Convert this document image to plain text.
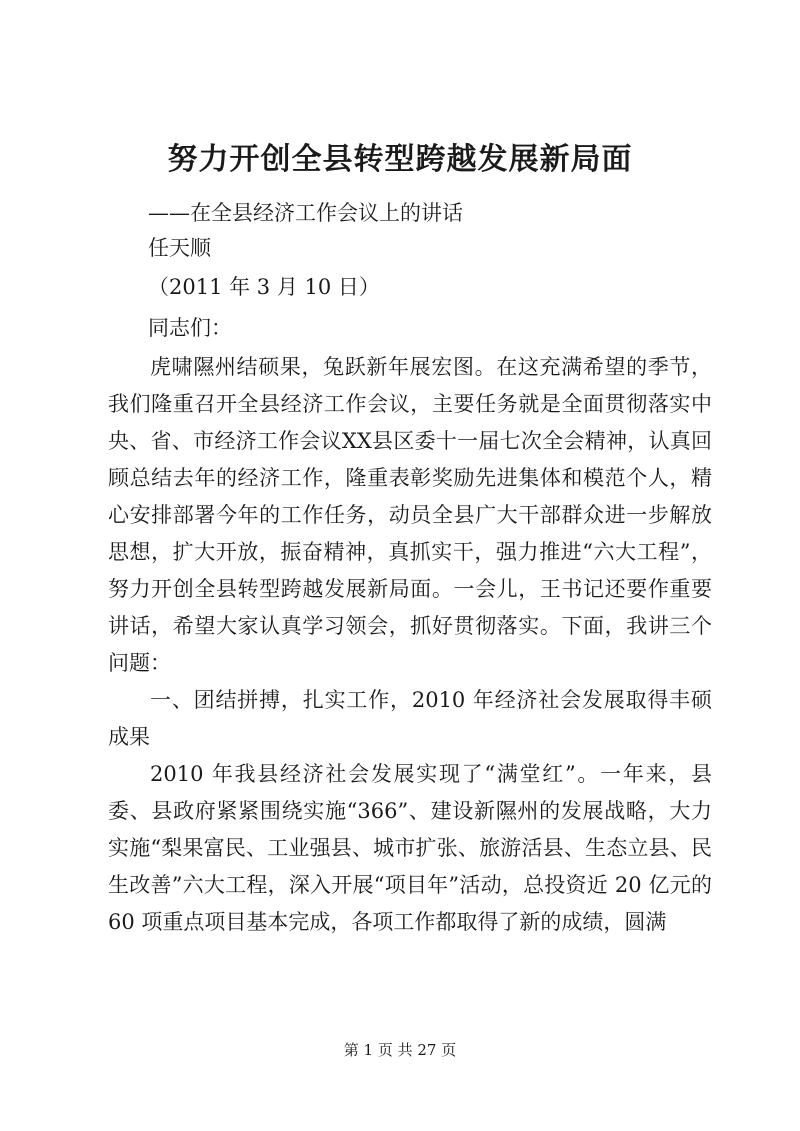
努力开创全县转型跨越发展新局面
——在全县经济工作会议上的讲话
任天顺
（2011 年 3 月 10 日）
同志们：

虎啸隰州结硕果，兔跃新年展宏图。在这充满希望的季节，我们隆重召开全县经济工作会议，主要任务就是全面贯彻落实中央、省、市经济工作会议XX县区委十一届七次全会精神，认真回顾总结去年的经济工作，隆重表彰奖励先进集体和模范个人，精心安排部署今年的工作任务，动员全县广大干部群众进一步解放思想，扩大开放，振奋精神，真抓实干，强力推进“六大工程”，努力开创全县转型跨越发展新局面。一会儿，王书记还要作重要讲话，希望大家认真学习领会，抓好贯彻落实。下面，我讲三个问题：

一、团结拼搏，扎实工作，2010 年经济社会发展取得丰硕成果

2010 年我县经济社会发展实现了“满堂红”。一年来，县委、县政府紧紧围绕实施“366”、建设新隰州的发展战略，大力实施“梨果富民、工业强县、城市扩张、旅游活县、生态立县、民生改善”六大工程，深入开展“项目年”活动，总投资近 20 亿元的 60 项重点项目基本完成，各项工作都取得了新的成绩，圆满

第 1 页 共 27 页
